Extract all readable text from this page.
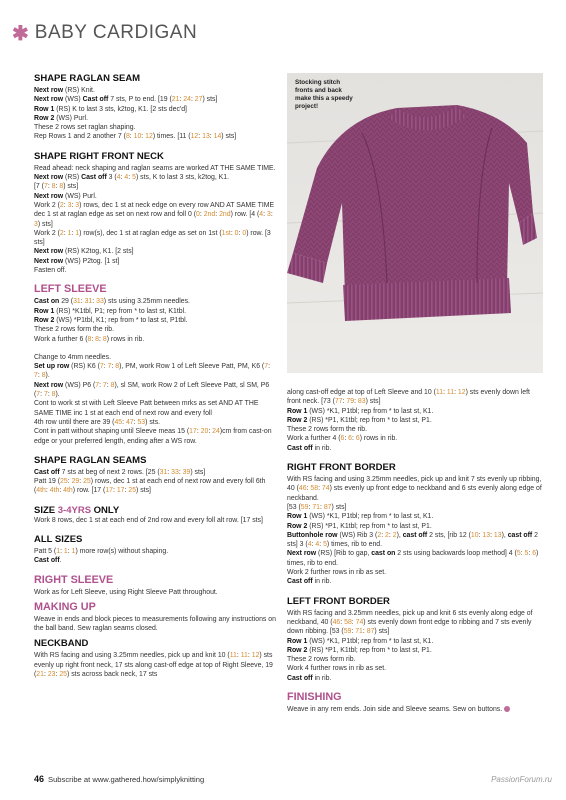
✱ BABY CARDIGAN
SHAPE RAGLAN SEAM

Next row (RS) Knit.

Next row (WS) Cast off 7 sts, P to end. [19 (21: 24: 27) sts]

Row 1 (RS) K to last 3 sts, k2tog, K1. [2 sts dec'd]

Row 2 (WS) Purl.

These 2 rows set raglan shaping.

Rep Rows 1 and 2 another 7 (8: 10: 12) times. [11 (12: 13: 14) sts]

SHAPE RIGHT FRONT NECK

Read ahead: neck shaping and raglan seams are worked AT THE SAME TIME.

Next row (RS) Cast off 3 (4: 4: 5) sts, K to last 3 sts, k2tog, K1.

[7 (7: 8: 8) sts]

Next row (WS) Purl.

Work 2 (2: 3: 3) rows, dec 1 st at neck edge on every row AND AT SAME TIME dec 1 st at raglan edge as set on next row and foll 0 (0: 2nd: 2nd) row. [4 (4: 3: 3) sts]

Work 2 (2: 1: 1) row(s), dec 1 st at raglan edge as set on 1st (1st: 0: 0) row. [3 sts]

Next row (RS) K2tog, K1. [2 sts]

Next row (WS) P2tog. [1 st]

Fasten off.

LEFT SLEEVE

Cast on 29 (31: 31: 33) sts using 3.25mm needles.

Row 1 (RS) *K1tbl, P1; rep from * to last st, K1tbl.

Row 2 (WS) *P1tbl, K1; rep from * to last st, P1tbl.

These 2 rows form the rib.

Work a further 6 (8: 8: 8) rows in rib.

Change to 4mm needles.

Set up row (RS) K6 (7: 7: 8), PM, work Row 1 of Left Sleeve Patt, PM, K6 (7: 7: 8).

Next row (WS) P6 (7: 7: 8), sl SM, work Row 2 of Left Sleeve Patt, sl SM, P6 (7: 7: 8).

Cont to work st st with Left Sleeve Patt between mrks as set AND AT THE SAME TIME inc 1 st at each end of next row and every foll

4th row until there are 39 (45: 47: 53) sts.

Cont in patt without shaping until Sleeve meas 15 (17: 20: 24)cm from cast-on edge or your preferred length, ending after a WS row.

SHAPE RAGLAN SEAMS

Cast off 7 sts at beg of next 2 rows. [25 (31: 33: 39) sts]

Patt 19 (25: 29: 25) rows, dec 1 st at each end of next row and every foll 6th (4th: 4th: 4th) row. [17 (17: 17: 25) sts]

SIZE 3-4YRS ONLY

Work 8 rows, dec 1 st at each end of 2nd row and every foll alt row. [17 sts]

ALL SIZES

Patt 5 (1: 1: 1) more row(s) without shaping.

Cast off.

RIGHT SLEEVE

Work as for Left Sleeve, using Right Sleeve Patt throughout.

MAKING UP

Weave in ends and block pieces to measurements following any instructions on the ball band. Sew raglan seams closed.

NECKBAND

With RS facing and using 3.25mm needles, pick up and knit 10 (11: 11: 12) sts evenly up right front neck, 17 sts along cast-off edge at top of Right Sleeve, 19 (21: 23: 25) sts across back neck, 17 sts

Stocking stitch fronts and back make this a speedy project!

along cast-off edge at top of Left Sleeve and 10 (11: 11: 12) sts evenly down left front neck. [73 (77: 79: 83) sts]

Row 1 (WS) *K1, P1tbl; rep from * to last st, K1.

Row 2 (RS) *P1, K1tbl; rep from * to last st, P1.

These 2 rows form the rib.

Work a further 4 (6: 6: 6) rows in rib.

Cast off in rib.

RIGHT FRONT BORDER

With RS facing and using 3.25mm needles, pick up and knit 7 sts evenly up ribbing, 40 (46: 58: 74) sts evenly up front edge to neckband and 6 sts evenly along edge of neckband.

[53 (59: 71: 87) sts]

Row 1 (WS) *K1, P1tbl; rep from * to last st, K1.

Row 2 (RS) *P1, K1tbl; rep from * to last st, P1.

Buttonhole row (WS) Rib 3 (2: 2: 2), cast off 2 sts, [rib 12 (10: 13: 13), cast off 2 sts] 3 (4: 4: 5) times, rib to end.

Next row (RS) [Rib to gap, cast on 2 sts using backwards loop method] 4 (5: 5: 6) times, rib to end.

Work 2 further rows in rib as set.

Cast off in rib.

LEFT FRONT BORDER

With RS facing and 3.25mm needles, pick up and knit 6 sts evenly along edge of neckband, 40 (46: 58: 74) sts evenly down front edge to ribbing and 7 sts evenly down ribbing. [53 (59: 71: 87) sts]

Row 1 (WS) *K1, P1tbl; rep from * to last st, K1.

Row 2 (RS) *P1, K1tbl; rep from * to last st, P1.

These 2 rows form rib.

Work 4 further rows in rib as set.

Cast off in rib.

FINISHING

Weave in any rem ends. Join side and Sleeve seams. Sew on buttons.

46 Subscribe at www.gathered.how/simplyknitting	PassionForum.ru
